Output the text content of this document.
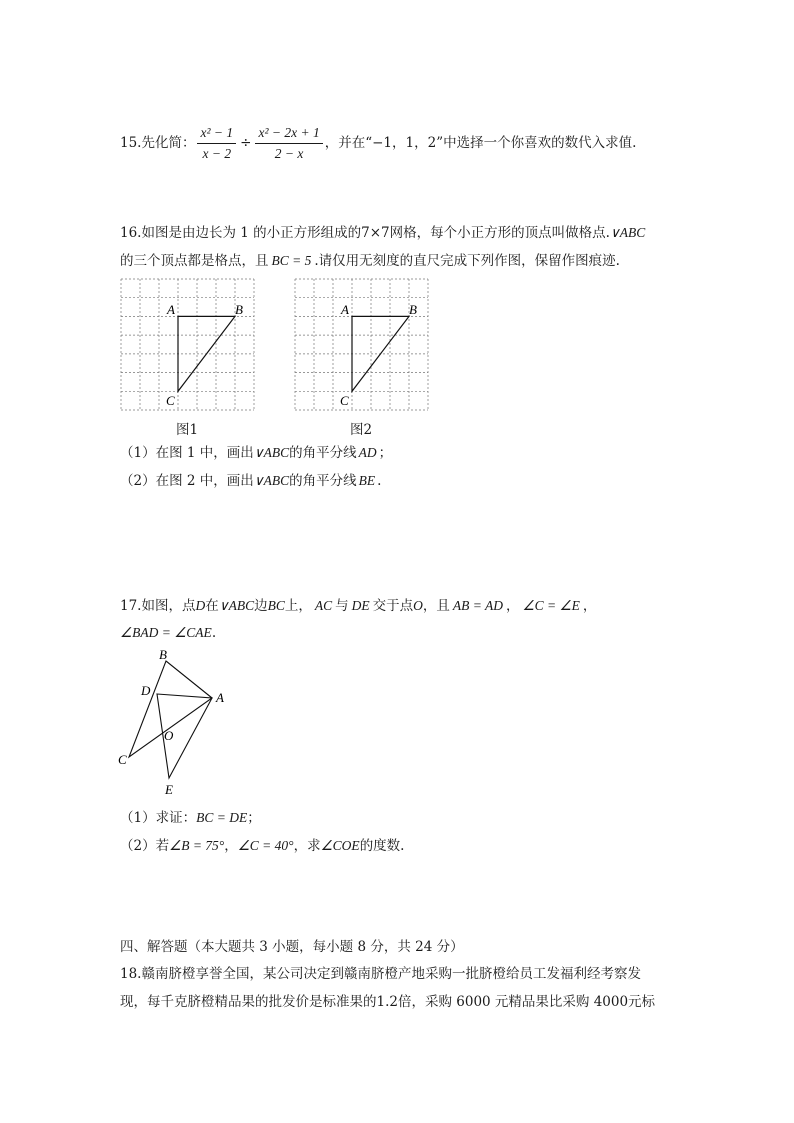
15.先化简： $\frac{\text{x² − 1}}{x - 2} \div \frac{\text{x² − 2x + 1}}{2 - x}$ ，并在“−1，1，2”中选择一个你喜欢的数代入求值.
16.如图是由边长为 1 的小正方形组成的7×7网格，每个小正方形的顶点叫做格点.∨ABC
的三个顶点都是格点，且 BC = 5 .请仅用无刻度的直尺完成下列作图，保留作图痕迹.
A	B
C
图1
A	B
C
图2
（1）在图 1 中，画出∨ABC的角平分线 AD ；
（2）在图 2 中，画出∨ABC的角平分线 BE .
17.如图，点D在∨ABC边BC上， AC 与 DE 交于点O，且 AB = AD ， ∠C = ∠E ，
∠BAD = ∠CAE.
B
D	A
O
C
E
（1）求证：BC = DE；
（2）若∠B = 75°，∠C = 40°，求∠COE的度数.
四、解答题（本大题共 3 小题，每小题 8 分，共 24 分）
18.赣南脐橙享誉全国，某公司决定到赣南脐橙产地采购一批脐橙给员工发福利经考察发
现，每千克脐橙精品果的批发价是标准果的1.2倍，采购 6000 元精品果比采购 4000元标
